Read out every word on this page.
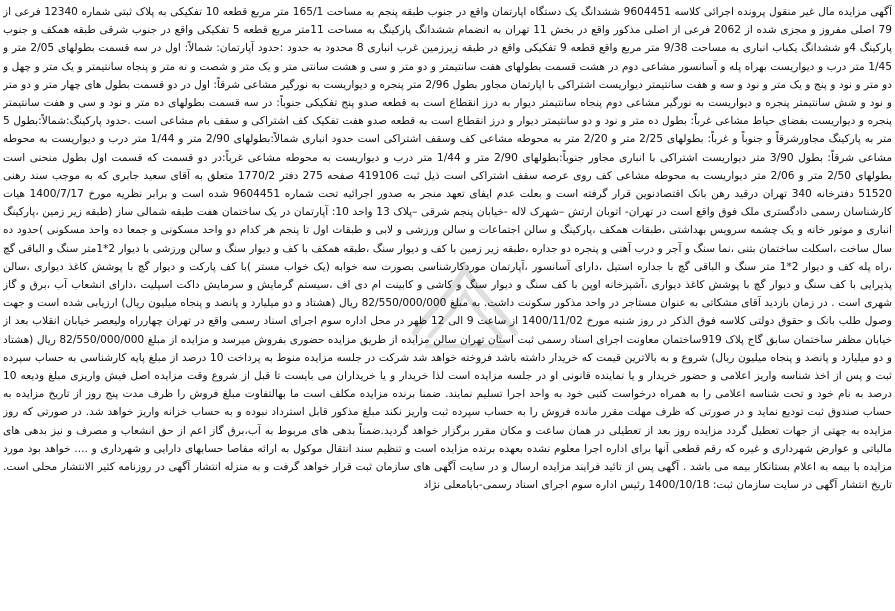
آگهی مزایده مال غیر منقول پرونده اجرائی کلاسه 9604451 ششدانگ یک دستگاه اپارتمان واقع در جنوب طبقه پنجم به مساحت 165/1 متر مربع قطعه 10 تفکیکی به پلاک ثبتی شماره 12340 فرعی از 79 اصلی مفروز و مجزی شده از 2062 فرعی از اصلی مذکور واقع در بخش 11 تهران به انضمام ششدانگ پارکینگ به مساحت 11متر مربع قطعه 5 تفکیکی واقع در جنوب شرقی طبقه همکف و جنوب پارکینگ 4و ششدانگ یکباب انباری به مساحت 9/38 متر مربع واقع قطعه 9 تفکیکی واقع در طبقه زیرزمین غرب انباری 8 محدود به حدود :حدود آپارتمان: شمالاً: اول در سه قسمت بطولهای 2/05 متر و 1/45 متر درب و دیواریست بهراه پله و آسانسور مشاعی دوم در هشت قسمت بطولهای هفت سانتیمتر و دو متر و سی و هشت سانتی متر و یک متر و شصت و نه متر و پنجاه سانتیمتر و یک متر و چهل و دو متر و نود و پنج و یک متر و نود و سه و هفت سانتیمتر دیواریست اشتراکی با اپارتمان مجاور بطول 2/96 متر پنجره و دیواریست به نورگیر مشاعی شرقاً: اول در دو قسمت بطول های چهار متر و دو متر و نود و شش سانتیمتر پنجره و دیواریست به نورگیر مشاعی دوم پنجاه سانتیمتر دیوار به درز انقطاع است به قطعه صدو پنج تفکیکی جنوباً: در سه قسمت بطولهای ده متر و نود و سی و هفت سانتیمتر پنجره و دیواریست بفضای حیاط مشاعی غرباً: بطول ده متر و نود و دو سانتیمتر دیوار و درز انقطاع است به قطعه صدو هفت تفکیک کف اشتراکی و سقف بام مشاعی است .حدود پارکینگ:شمالاً:بطول 5 متر به پارکینگ مجاورشرقاً و جنوباً و غرباً: بطولهای 2/25 متر و 2/20 متر به محوطه مشاعی کف وسقف اشتراکی است حدود انباری شمالاً:بطولهای 2/90 متر و 1/44 متر درب و دیواریست به محوطه مشاعی شرقاً: بطول 3/90 متر دیواریست اشتراکی با انباری مجاور جنوباً:بطولهای 2/90 متر و 1/44 متر درب و دیواریست به محوطه مشاعی غرباً:در دو قسمت که قسمت اول بطول منحنی است بطولهای 2/50 متر و 2/06 متر دیواریست به محوطه مشاعی کف روی عرصه سقف اشتراکی است ذیل ثبت 419106 صفحه 275 دفتر 1770/2 متعلق به آقای سعید جابری که به موجب سند رهنی 51520 دفترخانه 340 تهران درقید رهن بانک اقتصادنوین قرار گرفته است و بعلت عدم ایفای تعهد منجر به صدور اجرائیه تحت شماره 9604451 شده است و برابر نظریه مورخ 1400/7/17 هیات کارشناسان رسمی دادگستری ملک فوق واقع است در تهران- اتوبان ارتش –شهرک لاله -خیابان پنجم شرقی –پلاک 13 واحد 10: آپارتمان در یک ساختمان هفت طبقه شمالی ساز (طبقه زیر زمین ،پارکینگ انباری و موتور خانه و یک چشمه سرویس بهداشتی ،طبقات همکف ،پارکینگ و سالن اجتماعات و سالن ورزشی و لابی و طبقات اول تا پنجم هر کدام دو واحد مسکونی و جمعا ده واحد مسکونی )حدود ده سال ساخت ،اسکلت ساختمان بتنی ،نما سنگ و آجر و درب آهنی و پنجره دو جداره ،طبقه زیر زمین با کف و دیوار سنگ ،طبقه همکف با کف و دیوار سنگ و سالن ورزشی با دیوار 2*1متر سنگ و الباقی گچ ،راه پله کف و دیوار 2*1 متر سنگ و الباقی گچ با جداره استیل ،دارای آسانسور ،آپارتمان موردکارشناسی بصورت سه خوابه (یک خواب مستر )با کف پارکت و دیوار گچ با پوشش کاغذ دیواری ،سالن پذیرایی با کف سنگ و دیوار گچ با پوشش کاغذ دیواری ،آشپزخانه اوپن با کف سنگ و دیوار سنگ و کاشی و کابینت ام دی اف ،سیستم گرمایش و سرمایش داکت اسپلیت ،دارای انشعاب آب ،برق و گاز شهری است . در زمان بازدید آقای مشکاتی به عنوان مستاجر در واحد مذکور سکونت داشت. به مبلغ 82/550/000/000 ریال (هشتاد و دو میلیارد و پانصد و پنجاه میلیون ریال) ارزیابی شده است و جهت وصول طلب بانک و حقوق دولتی کلاسه فوق الذکر در روز شنبه مورخ 1400/11/02 از ساعت 9 الی 12 ظهر در محل اداره سوم اجرای اسناد رسمی واقع در تهران چهارراه ولیعصر خیابان انقلاب بعد از خیابان مظفر ساختمان سابق گاج پلاک 919ساختمان معاونت اجرای اسناد رسمی ثبت استان تهران سالن مزایده از طریق مزایده حضوری بفروش میرسد و مزایده از مبلغ 82/550/000/000 ریال (هشتاد و دو میلیارد و پانصد و پنجاه میلیون ریال) شروع و به بالاترین قیمت که خریدار داشته باشد فروخته خواهد شد شرکت در جلسه مزایده منوط به پرداخت 10 درصد از مبلغ پایه کارشناسی به حساب سپرده ثبت و پس از اخذ شناسه واریز اعلامی و حضور خریدار و یا نماینده قانونی او در جلسه مزایده است لذا خریدار و یا خریداران می بایست تا قبل از شروع وقت مزایده اصل فیش واریزی مبلغ ودیعه 10 درصد به نام خود و تحت شناسه اعلامی را به همراه درخواست کتبی خود به واحد اجرا تسلیم نمایند. ضمنا برنده مزایده مکلف است ما بهالتفاوت مبلغ فروش را ظرف مدت پنج روز از تاریخ مزایده به حساب صندوق ثبت تودیع نماید و در صورتی که ظرف مهلت مقرر مانده فروش را به حساب سپرده ثبت واریز نکند مبلغ مذکور قابل استرداد نبوده و به حساب خزانه واریز خواهد شد. در صورتی که روز مزایده به جهتی از جهات تعطیل گردد مزایده روز بعد از تعطیلی در همان ساعت و مکان مقرر برگزار خواهد گردید.ضمناً بدهی های مربوط به آب،برق گاز اعم از حق انشعاب و مصرف و نیز بدهی های مالیاتی و عوارض شهرداری و غیره که رقم قطعی آنها برای اداره اجرا معلوم نشده بعهده برنده مزایده است و تنظیم سند انتقال موکول به ارائه مفاصا حسابهای دارایی و شهرداری و .... خواهد بود مورد مزایده با بیمه به اعلام بستانکار بیمه می باشد . آگهی پس از تائید فرایند مزایده ارسال و در سایت آگهی های سازمان ثبت قرار خواهد گرفت و به منزله انتشار آگهی در روزنامه کثیر الانتشار محلی است. تاریخ انتشار آگهی در سایت سازمان ثبت: 1400/10/18 رئیس اداره سوم اجرای اسناد رسمی-بابامعلی نژاد
